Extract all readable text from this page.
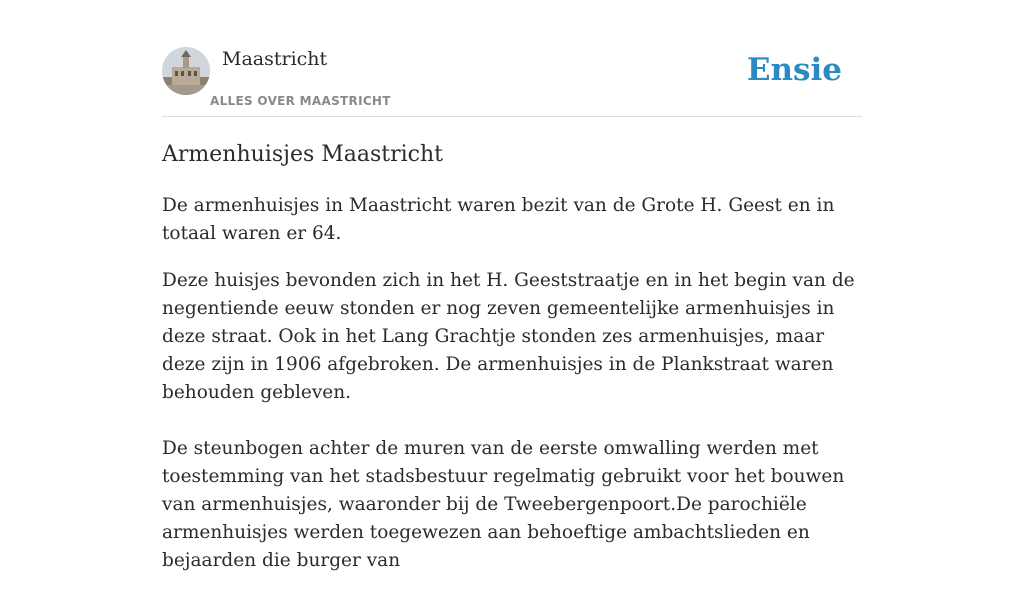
Maastricht
ALLES OVER MAASTRICHT
Ensie
Armenhuisjes Maastricht

De armenhuisjes in Maastricht waren bezit van de Grote H. Geest en in totaal waren er 64.

Deze huisjes bevonden zich in het H. Geeststraatje en in het begin van de negentiende eeuw stonden er nog zeven gemeentelijke armenhuisjes in deze straat. Ook in het Lang Grachtje stonden zes armenhuisjes, maar deze zijn in 1906 afgebroken. De armenhuisjes in de Plankstraat waren behouden gebleven.

De steunbogen achter de muren van de eerste omwalling werden met toestemming van het stadsbestuur regelmatig gebruikt voor het bouwen van armenhuisjes, waaronder bij de Tweebergenpoort.De parochiële armenhuisjes werden toegewezen aan behoeftige ambachtslieden en bejaarden die burger van
